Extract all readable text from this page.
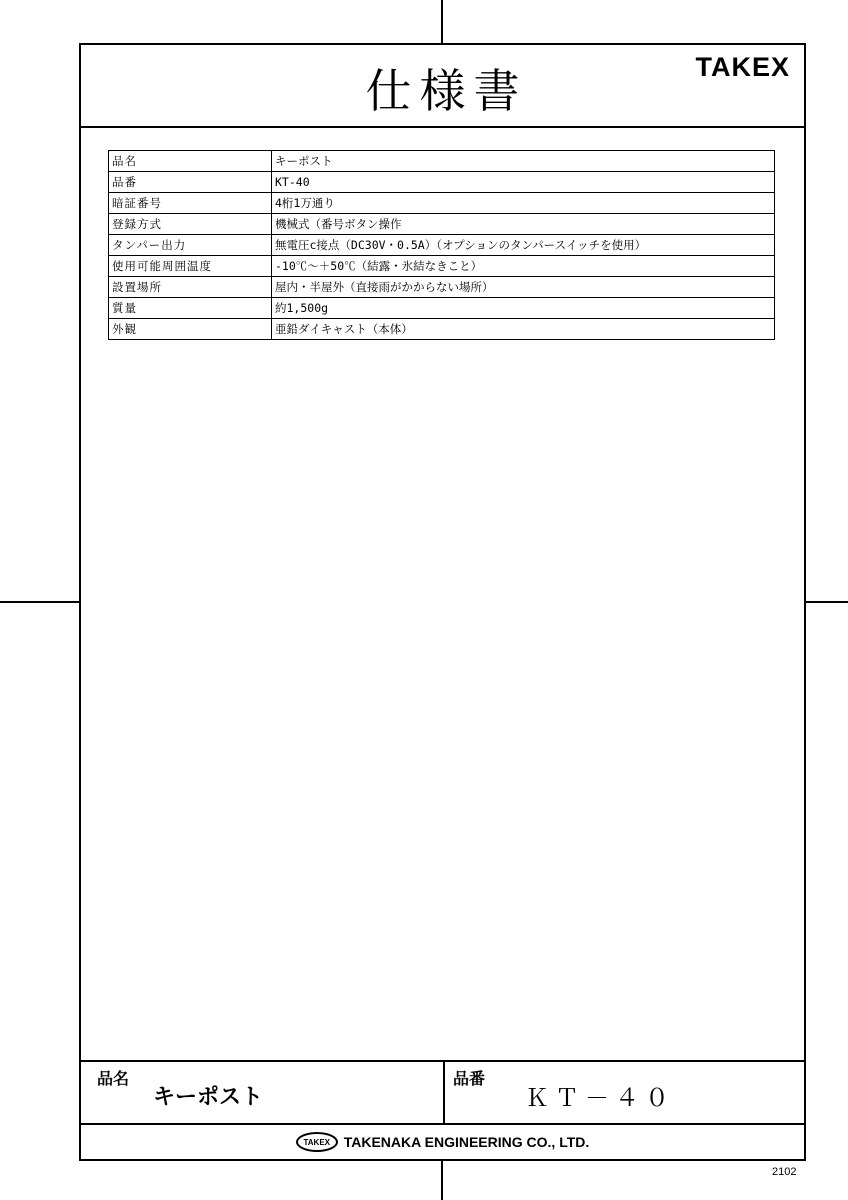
仕様書	TAKEX
品名	キーポスト
品番	KT-40
暗証番号	4桁1万通り
登録方式	機械式（番号ボタン操作
タンパー出力	無電圧c接点（DC30V・0.5A）（オプションのタンパースイッチを使用）
使用可能周囲温度	-10℃～＋50℃（結露・氷結なきこと）
設置場所	屋内・半屋外（直接雨がかからない場所）
質量	約1,500g
外観	亜鉛ダイキャスト（本体）
品名
キーポスト
品番
ＫＴ－４０
TAKEX TAKENAKA ENGINEERING CO., LTD.
2102
